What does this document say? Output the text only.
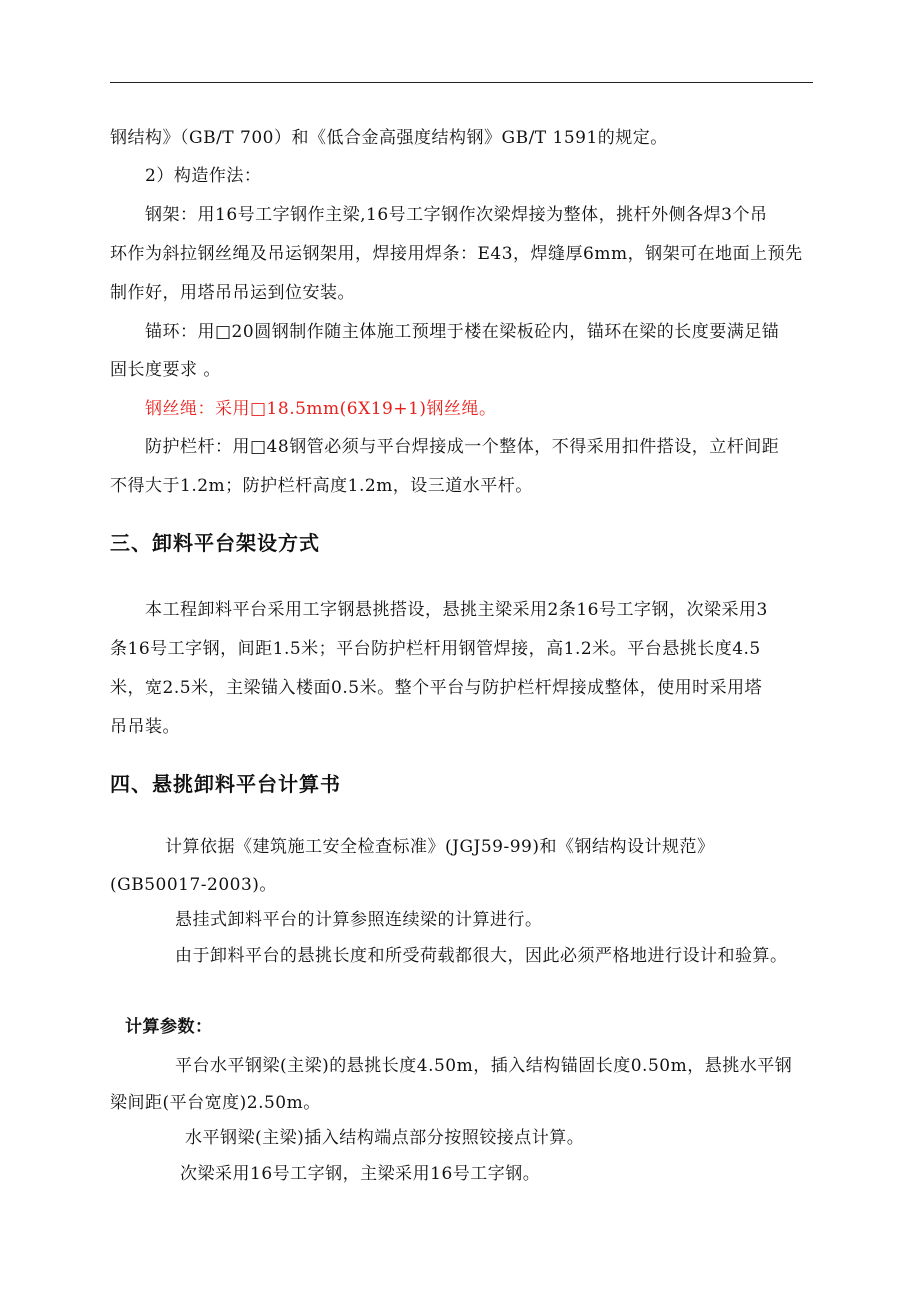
钢结构》（GB/T 700）和《低合金高强度结构钢》GB/T 1591的规定。
2）构造作法：
钢架：用16号工字钢作主梁,16号工字钢作次梁焊接为整体，挑杆外侧各焊3个吊
环作为斜拉钢丝绳及吊运钢架用，焊接用焊条：E43，焊缝厚6mm，钢架可在地面上预先
制作好，用塔吊吊运到位安装。
锚环：用□20圆钢制作随主体施工预埋于楼在梁板砼内，锚环在梁的长度要满足锚
固长度要求 。
钢丝绳：采用□18.5mm(6X19+1)钢丝绳。
防护栏杆：用□48钢管必须与平台焊接成一个整体，不得采用扣件搭设，立杆间距
不得大于1.2m；防护栏杆高度1.2m，设三道水平杆。
三、卸料平台架设方式
本工程卸料平台采用工字钢悬挑搭设，悬挑主梁采用2条16号工字钢，次梁采用3
条16号工字钢，间距1.5米；平台防护栏杆用钢管焊接，高1.2米。平台悬挑长度4.5
米，宽2.5米，主梁锚入楼面0.5米。整个平台与防护栏杆焊接成整体，使用时采用塔
吊吊装。
四、悬挑卸料平台计算书
计算依据《建筑施工安全检查标准》(JGJ59-99)和《钢结构设计规范》
(GB50017-2003)。
悬挂式卸料平台的计算参照连续梁的计算进行。
由于卸料平台的悬挑长度和所受荷载都很大，因此必须严格地进行设计和验算。
计算参数：
平台水平钢梁(主梁)的悬挑长度4.50m，插入结构锚固长度0.50m，悬挑水平钢
梁间距(平台宽度)2.50m。
水平钢梁(主梁)插入结构端点部分按照铰接点计算。
次梁采用16号工字钢，主梁采用16号工字钢。
